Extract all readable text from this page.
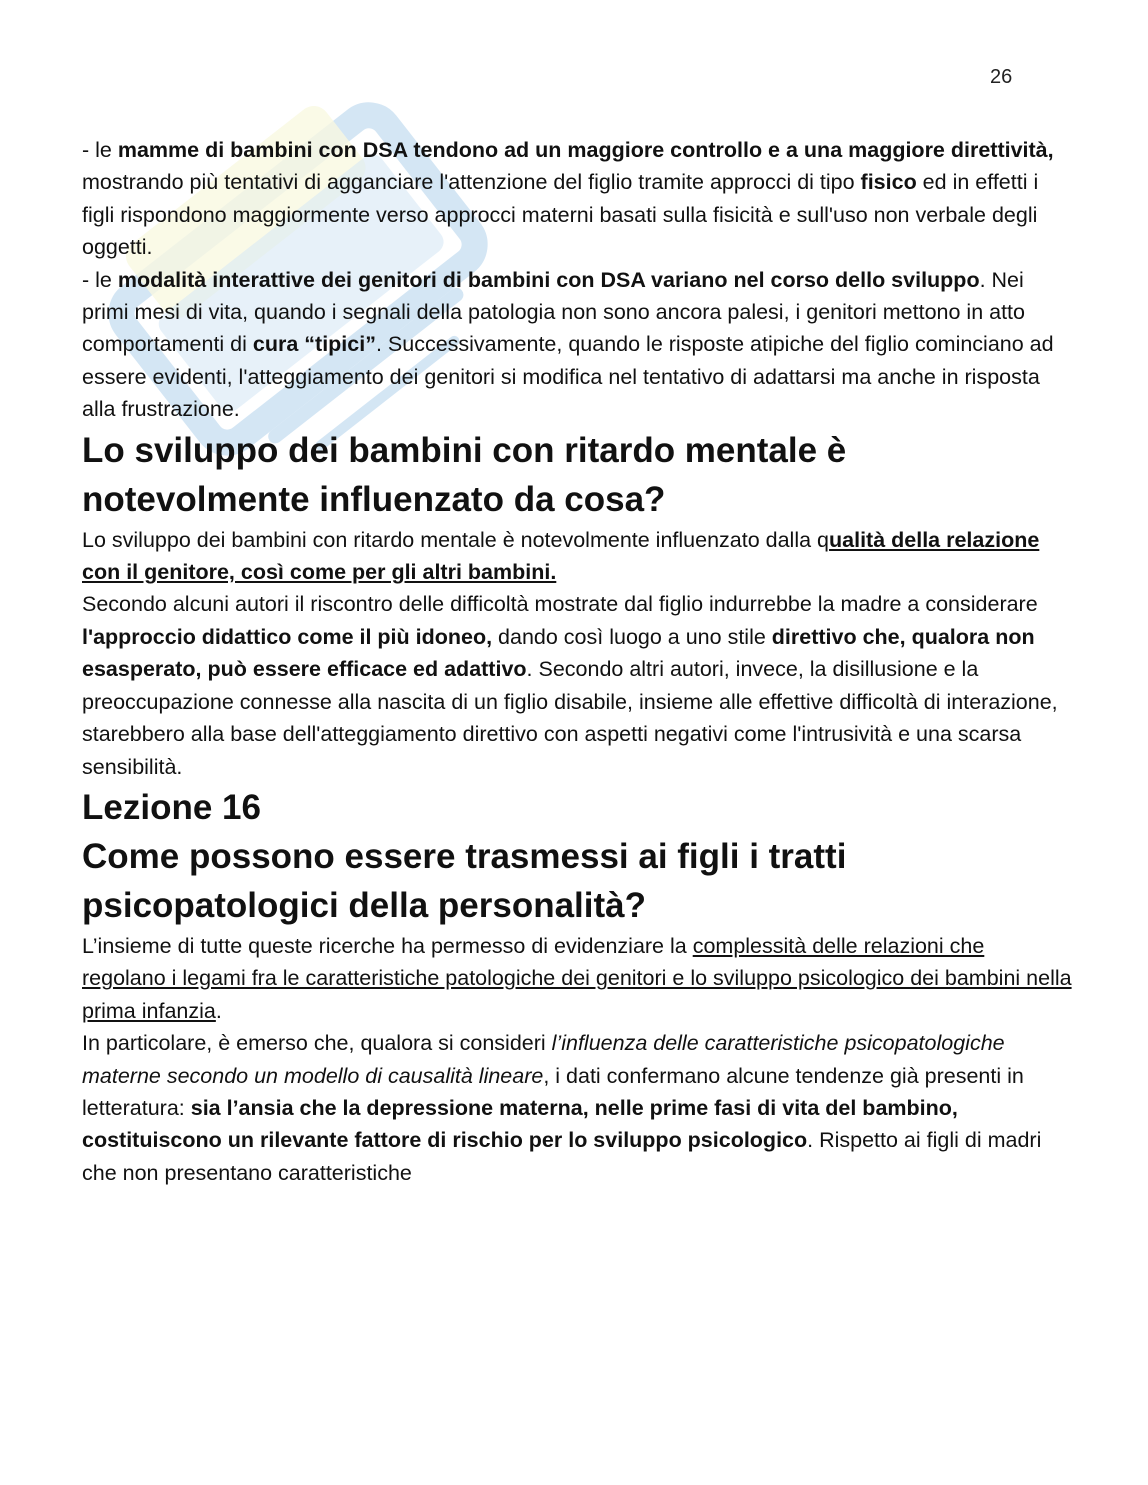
26

- le mamme di bambini con DSA tendono ad un maggiore controllo e a una maggiore direttività, mostrando più tentativi di agganciare l'attenzione del figlio tramite approcci di tipo fisico ed in effetti i figli rispondono maggiormente verso approcci materni basati sulla fisicità e sull'uso non verbale degli oggetti.

- le modalità interattive dei genitori di bambini con DSA variano nel corso dello sviluppo. Nei primi mesi di vita, quando i segnali della patologia non sono ancora palesi, i genitori mettono in atto comportamenti di cura “tipici”. Successivamente, quando le risposte atipiche del figlio cominciano ad essere evidenti, l'atteggiamento dei genitori si modifica nel tentativo di adattarsi ma anche in risposta alla frustrazione.

Lo sviluppo dei bambini con ritardo mentale è notevolmente influenzato da cosa?

Lo sviluppo dei bambini con ritardo mentale è notevolmente influenzato dalla qualità della relazione con il genitore, così come per gli altri bambini.

Secondo alcuni autori il riscontro delle difficoltà mostrate dal figlio indurrebbe la madre a considerare l'approccio didattico come il più idoneo, dando così luogo a uno stile direttivo che, qualora non esasperato, può essere efficace ed adattivo. Secondo altri autori, invece, la disillusione e la preoccupazione connesse alla nascita di un figlio disabile, insieme alle effettive difficoltà di interazione, starebbero alla base dell'atteggiamento direttivo con aspetti negativi come l'intrusività e una scarsa sensibilità.

Lezione 16
Come possono essere trasmessi ai figli i tratti psicopatologici della personalità?

L’insieme di tutte queste ricerche ha permesso di evidenziare la complessità delle relazioni che regolano i legami fra le caratteristiche patologiche dei genitori e lo sviluppo psicologico dei bambini nella prima infanzia.

In particolare, è emerso che, qualora si consideri l’influenza delle caratteristiche psicopatologiche materne secondo un modello di causalità lineare, i dati confermano alcune tendenze già presenti in letteratura: sia l’ansia che la depressione materna, nelle prime fasi di vita del bambino, costituiscono un rilevante fattore di rischio per lo sviluppo psicologico. Rispetto ai figli di madri che non presentano caratteristiche
